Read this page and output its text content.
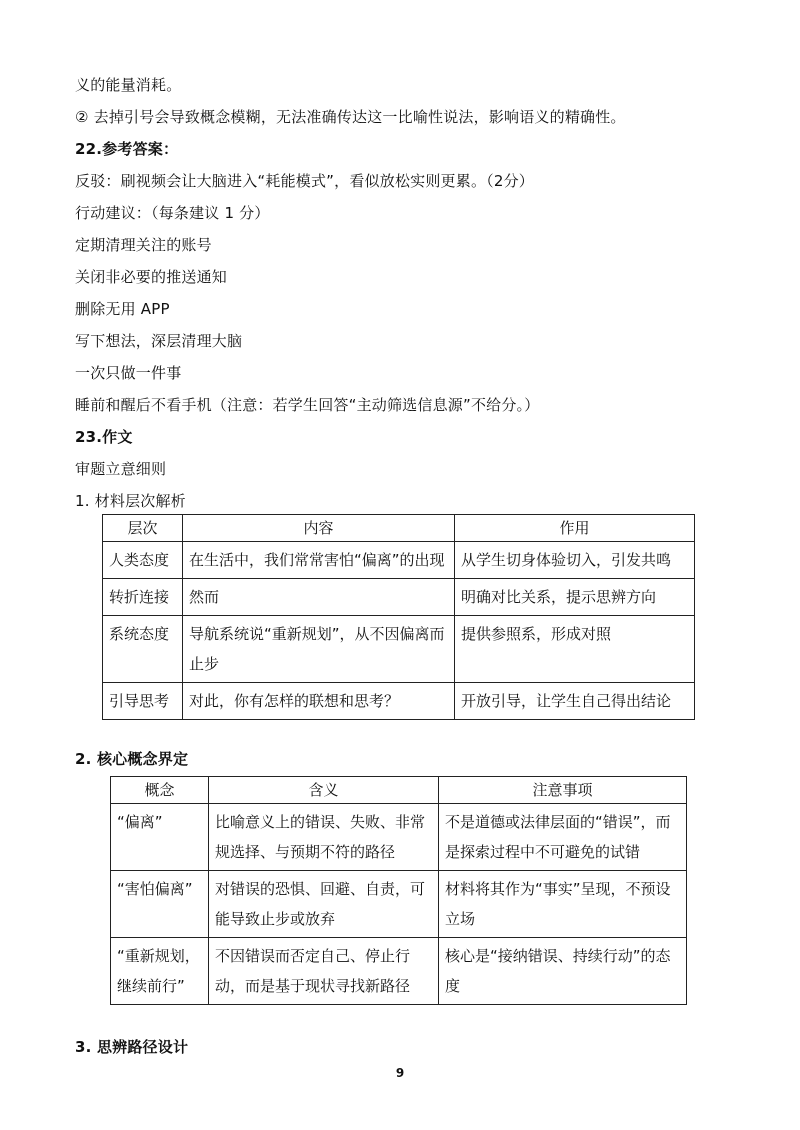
义的能量消耗。
② 去掉引号会导致概念模糊，无法准确传达这一比喻性说法，影响语义的精确性。
22.参考答案：
反驳：刷视频会让大脑进入“耗能模式”，看似放松实则更累。（2分）
行动建议：（每条建议 1 分）
定期清理关注的账号
关闭非必要的推送通知
删除无用 APP
写下想法，深层清理大脑
一次只做一件事
睡前和醒后不看手机（注意：若学生回答“主动筛选信息源”不给分。）
23.作文
审题立意细则
1. 材料层次解析
层次	内容	作用
人类态度	在生活中，我们常常害怕“偏离”的出现	从学生切身体验切入，引发共鸣
转折连接	然而	明确对比关系，提示思辨方向
系统态度	导航系统说“重新规划”，从不因偏离而止步	提供参照系，形成对照
引导思考	对此，你有怎样的联想和思考？	开放引导，让学生自己得出结论
2. 核心概念界定
概念	含义	注意事项
“偏离”	比喻意义上的错误、失败、非常规选择、与预期不符的路径	不是道德或法律层面的“错误”，而是探索过程中不可避免的试错
“害怕偏离”	对错误的恐惧、回避、自责，可能导致止步或放弃	材料将其作为“事实”呈现，不预设立场
“重新规划，继续前行”	不因错误而否定自己、停止行动，而是基于现状寻找新路径	核心是“接纳错误、持续行动”的态度
3. 思辨路径设计
9
